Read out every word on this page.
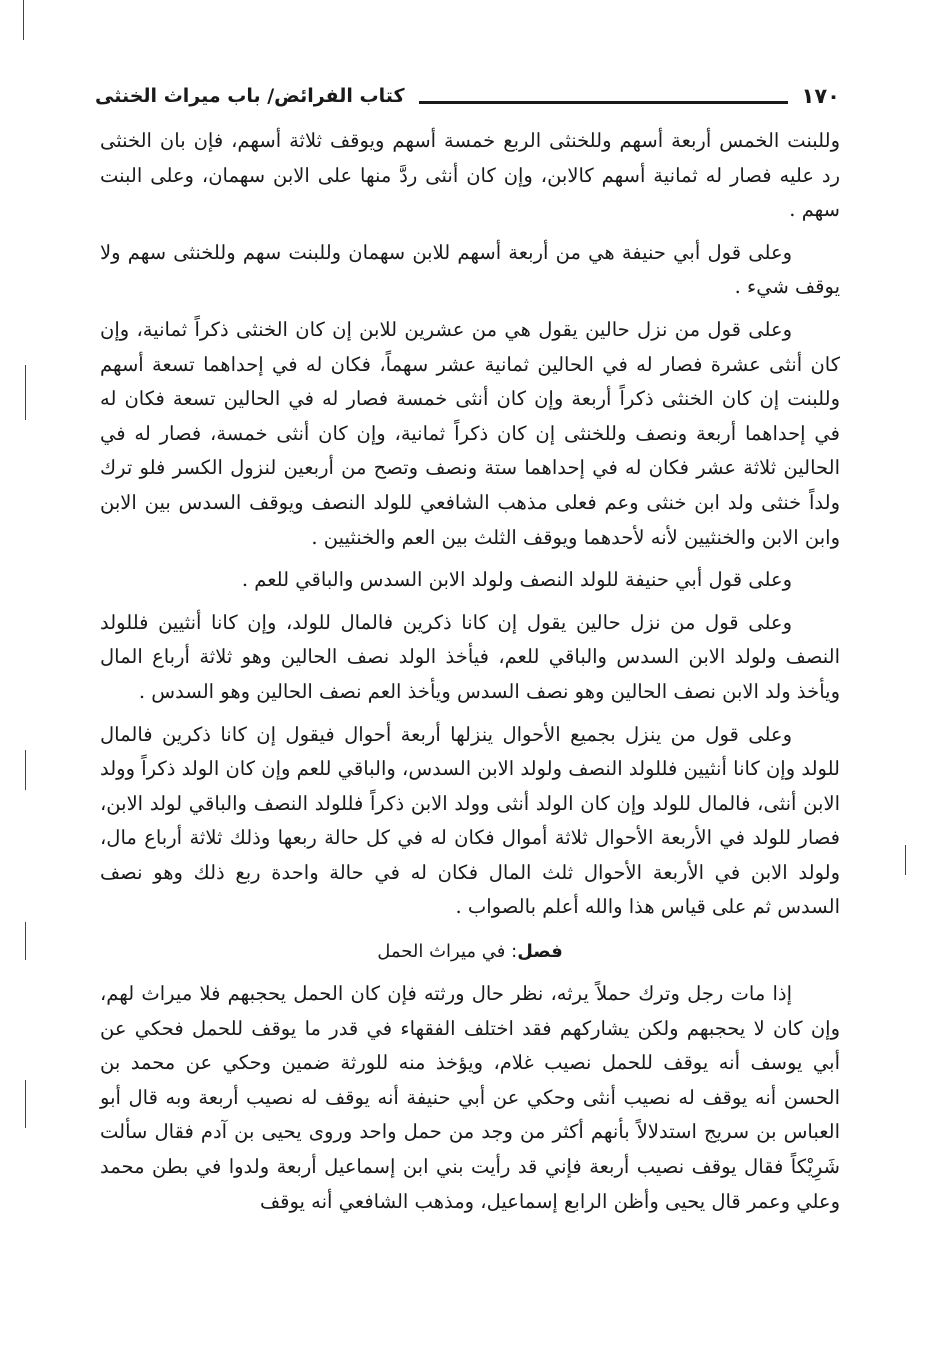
١٧٠
كتاب الفرائض/ باب ميراث الخنثى

وللبنت الخمس أربعة أسهم وللخنثى الربع خمسة أسهم ويوقف ثلاثة أسهم، فإن بان الخنثى رد عليه فصار له ثمانية أسهم كالابن، وإن كان أنثى ردَّ منها على الابن سهمان، وعلى البنت سهم .

وعلى قول أبي حنيفة هي من أربعة أسهم للابن سهمان وللبنت سهم وللخنثى سهم ولا يوقف شيء .

وعلى قول من نزل حالين يقول هي من عشرين للابن إن كان الخنثى ذكراً ثمانية، وإن كان أنثى عشرة فصار له في الحالين ثمانية عشر سهماً، فكان له في إحداهما تسعة أسهم وللبنت إن كان الخنثى ذكراً أربعة وإن كان أنثى خمسة فصار له في الحالين تسعة فكان له في إحداهما أربعة ونصف وللخنثى إن كان ذكراً ثمانية، وإن كان أنثى خمسة، فصار له في الحالين ثلاثة عشر فكان له في إحداهما ستة ونصف وتصح من أربعين لنزول الكسر فلو ترك ولداً خنثى ولد ابن خنثى وعم فعلى مذهب الشافعي للولد النصف ويوقف السدس بين الابن وابن الابن والخنثيين لأنه لأحدهما ويوقف الثلث بين العم والخنثيين .

وعلى قول أبي حنيفة للولد النصف ولولد الابن السدس والباقي للعم .

وعلى قول من نزل حالين يقول إن كانا ذكرين فالمال للولد، وإن كانا أنثيين فللولد النصف ولولد الابن السدس والباقي للعم، فيأخذ الولد نصف الحالين وهو ثلاثة أرباع المال ويأخذ ولد الابن نصف الحالين وهو نصف السدس ويأخذ العم نصف الحالين وهو السدس .

وعلى قول من ينزل بجميع الأحوال ينزلها أربعة أحوال فيقول إن كانا ذكرين فالمال للولد وإن كانا أنثيين فللولد النصف ولولد الابن السدس، والباقي للعم وإن كان الولد ذكراً وولد الابن أنثى، فالمال للولد وإن كان الولد أنثى وولد الابن ذكراً فللولد النصف والباقي لولد الابن، فصار للولد في الأربعة الأحوال ثلاثة أموال فكان له في كل حالة ربعها وذلك ثلاثة أرباع مال، ولولد الابن في الأربعة الأحوال ثلث المال فكان له في حالة واحدة ربع ذلك وهو نصف السدس ثم على قياس هذا والله أعلم بالصواب .

فصل: في ميراث الحمل

إذا مات رجل وترك حملاً يرثه، نظر حال ورثته فإن كان الحمل يحجبهم فلا ميراث لهم، وإن كان لا يحجبهم ولكن يشاركهم فقد اختلف الفقهاء في قدر ما يوقف للحمل فحكي عن أبي يوسف أنه يوقف للحمل نصيب غلام، ويؤخذ منه للورثة ضمين وحكي عن محمد بن الحسن أنه يوقف له نصيب أنثى وحكي عن أبي حنيفة أنه يوقف له نصيب أربعة وبه قال أبو العباس بن سريج استدلالاً بأنهم أكثر من وجد من حمل واحد وروى يحيى بن آدم فقال سألت شَرِيْكاً فقال يوقف نصيب أربعة فإني قد رأيت بني ابن إسماعيل أربعة ولدوا في بطن محمد وعلي وعمر قال يحيى وأظن الرابع إسماعيل، ومذهب الشافعي أنه يوقف
